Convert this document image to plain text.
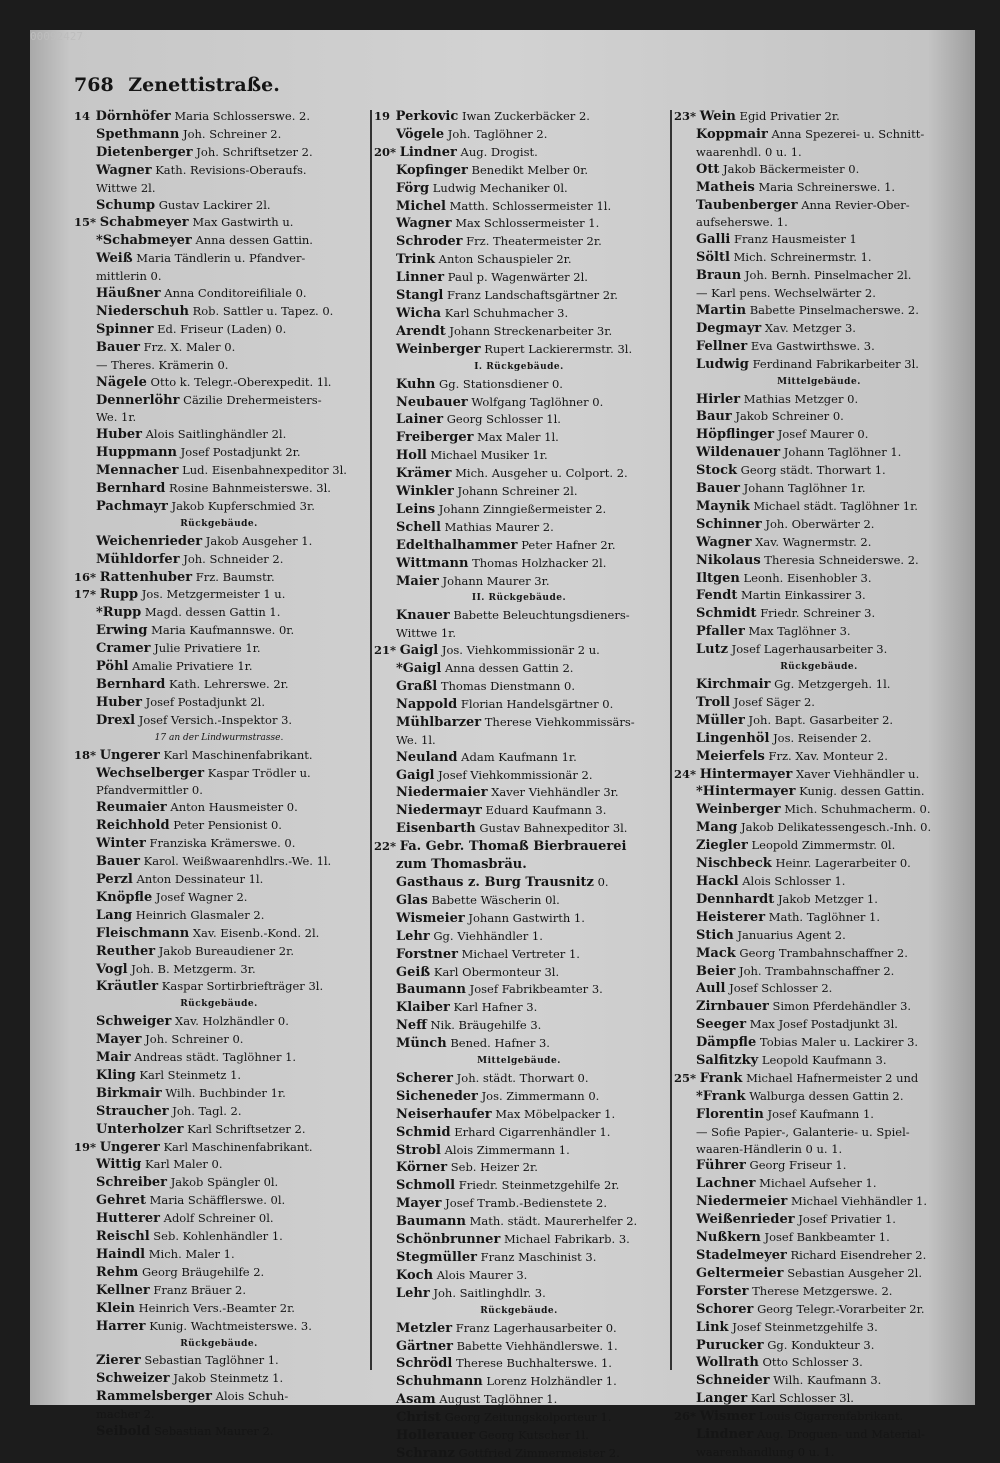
00092427
768 Zenettistraße.
14 Dörnhöfer Maria Schlosserswe. 2.
Spethmann Joh. Schreiner 2.
Dietenberger Joh. Schriftsetzer 2.
Wagner Kath. Revisions-Oberaufs.
Wittwe 2l.
Schump Gustav Lackirer 2l.
15* Schabmeyer Max Gastwirth u.
*Schabmeyer Anna dessen Gattin.
Weiß Maria Tändlerin u. Pfandver-
mittlerin 0.
Häußner Anna Conditoreifiliale 0.
Niederschuh Rob. Sattler u. Tapez. 0.
Spinner Ed. Friseur (Laden) 0.
Bauer Frz. X. Maler 0.
— Theres. Krämerin 0.
Nägele Otto k. Telegr.-Oberexpedit. 1l.
Dennerlöhr Cäzilie Drehermeisters-
We. 1r.
Huber Alois Saitlinghändler 2l.
Huppmann Josef Postadjunkt 2r.
Mennacher Lud. Eisenbahnexpeditor 3l.
Bernhard Rosine Bahnmeisterswe. 3l.
Pachmayr Jakob Kupferschmied 3r.
Rückgebäude.
Weichenrieder Jakob Ausgeher 1.
Mühldorfer Joh. Schneider 2.
16* Rattenhuber Frz. Baumstr.
17* Rupp Jos. Metzgermeister 1 u.
*Rupp Magd. dessen Gattin 1.
Erwing Maria Kaufmannswe. 0r.
Cramer Julie Privatiere 1r.
Pöhl Amalie Privatiere 1r.
Bernhard Kath. Lehrerswe. 2r.
Huber Josef Postadjunkt 2l.
Drexl Josef Versich.-Inspektor 3.
17 an der Lindwurmstrasse.
18* Ungerer Karl Maschinenfabrikant.
Wechselberger Kaspar Trödler u.
Pfandvermittler 0.
Reumaier Anton Hausmeister 0.
Reichhold Peter Pensionist 0.
Winter Franziska Krämerswe. 0.
Bauer Karol. Weißwaarenhdlrs.-We. 1l.
Perzl Anton Dessinateur 1l.
Knöpfle Josef Wagner 2.
Lang Heinrich Glasmaler 2.
Fleischmann Xav. Eisenb.-Kond. 2l.
Reuther Jakob Bureaudiener 2r.
Vogl Joh. B. Metzgerm. 3r.
Kräutler Kaspar Sortirbriefträger 3l.
Rückgebäude.
Schweiger Xav. Holzhändler 0.
Mayer Joh. Schreiner 0.
Mair Andreas städt. Taglöhner 1.
Kling Karl Steinmetz 1.
Birkmair Wilh. Buchbinder 1r.
Straucher Joh. Tagl. 2.
Unterholzer Karl Schriftsetzer 2.
19* Ungerer Karl Maschinenfabrikant.
Wittig Karl Maler 0.
Schreiber Jakob Spängler 0l.
Gehret Maria Schäfflerswe. 0l.
Hutterer Adolf Schreiner 0l.
Reischl Seb. Kohlenhändler 1.
Haindl Mich. Maler 1.
Rehm Georg Bräugehilfe 2.
Kellner Franz Bräuer 2.
Klein Heinrich Vers.-Beamter 2r.
Harrer Kunig. Wachtmeisterswe. 3.
Rückgebäude.
Zierer Sebastian Taglöhner 1.
Schweizer Jakob Steinmetz 1.
Rammelsberger Alois Schuh-
macher 2.
Seibold Sebastian Maurer 2.
19 Perkovic Iwan Zuckerbäcker 2.
Vögele Joh. Taglöhner 2.
20* Lindner Aug. Drogist.
Kopfinger Benedikt Melber 0r.
Förg Ludwig Mechaniker 0l.
Michel Matth. Schlossermeister 1l.
Wagner Max Schlossermeister 1.
Schroder Frz. Theatermeister 2r.
Trink Anton Schauspieler 2r.
Linner Paul p. Wagenwärter 2l.
Stangl Franz Landschaftsgärtner 2r.
Wicha Karl Schuhmacher 3.
Arendt Johann Streckenarbeiter 3r.
Weinberger Rupert Lackierermstr. 3l.
I. Rückgebäude.
Kuhn Gg. Stationsdiener 0.
Neubauer Wolfgang Taglöhner 0.
Lainer Georg Schlosser 1l.
Freiberger Max Maler 1l.
Holl Michael Musiker 1r.
Krämer Mich. Ausgeher u. Colport. 2.
Winkler Johann Schreiner 2l.
Leins Johann Zinngießermeister 2.
Schell Mathias Maurer 2.
Edelthalhammer Peter Hafner 2r.
Wittmann Thomas Holzhacker 2l.
Maier Johann Maurer 3r.
II. Rückgebäude.
Knauer Babette Beleuchtungsdieners-
Wittwe 1r.
21* Gaigl Jos. Viehkommissionär 2 u.
*Gaigl Anna dessen Gattin 2.
Graßl Thomas Dienstmann 0.
Nappold Florian Handelsgärtner 0.
Mühlbarzer Therese Viehkommissärs-
We. 1l.
Neuland Adam Kaufmann 1r.
Gaigl Josef Viehkommissionär 2.
Niedermaier Xaver Viehhändler 3r.
Niedermayr Eduard Kaufmann 3.
Eisenbarth Gustav Bahnexpeditor 3l.
22* Fa. Gebr. Thomaß Bierbrauerei
zum Thomasbräu.
Gasthaus z. Burg Trausnitz 0.
Glas Babette Wäscherin 0l.
Wismeier Johann Gastwirth 1.
Lehr Gg. Viehhändler 1.
Forstner Michael Vertreter 1.
Geiß Karl Obermonteur 3l.
Baumann Josef Fabrikbeamter 3.
Klaiber Karl Hafner 3.
Neff Nik. Bräugehilfe 3.
Münch Bened. Hafner 3.
Mittelgebäude.
Scherer Joh. städt. Thorwart 0.
Sicheneder Jos. Zimmermann 0.
Neiserhaufer Max Möbelpacker 1.
Schmid Erhard Cigarrenhändler 1.
Strobl Alois Zimmermann 1.
Körner Seb. Heizer 2r.
Schmoll Friedr. Steinmetzgehilfe 2r.
Mayer Josef Tramb.-Bedienstete 2.
Baumann Math. städt. Maurerhelfer 2.
Schönbrunner Michael Fabrikarb. 3.
Stegmüller Franz Maschinist 3.
Koch Alois Maurer 3.
Lehr Joh. Saitlinghdlr. 3.
Rückgebäude.
Metzler Franz Lagerhausarbeiter 0.
Gärtner Babette Viehhändlerswe. 1.
Schrödl Therese Buchhalterswe. 1.
Schuhmann Lorenz Holzhändler 1.
Asam August Taglöhner 1.
Christ Georg Zeitungskolporteur 1.
Hollerauer Georg Kutscher 1l.
Schranz Gottfried Zimmermeister 2.
23* Wein Egid Privatier 2r.
Koppmair Anna Spezerei- u. Schnitt-
waarenhdl. 0 u. 1.
Ott Jakob Bäckermeister 0.
Matheis Maria Schreinerswe. 1.
Taubenberger Anna Revier-Ober-
aufseherswe. 1.
Galli Franz Hausmeister 1
Söltl Mich. Schreinermstr. 1.
Braun Joh. Bernh. Pinselmacher 2l.
— Karl pens. Wechselwärter 2.
Martin Babette Pinselmacherswe. 2.
Degmayr Xav. Metzger 3.
Fellner Eva Gastwirthswe. 3.
Ludwig Ferdinand Fabrikarbeiter 3l.
Mittelgebäude.
Hirler Mathias Metzger 0.
Baur Jakob Schreiner 0.
Höpflinger Josef Maurer 0.
Wildenauer Johann Taglöhner 1.
Stock Georg städt. Thorwart 1.
Bauer Johann Taglöhner 1r.
Maynik Michael städt. Taglöhner 1r.
Schinner Joh. Oberwärter 2.
Wagner Xav. Wagnermstr. 2.
Nikolaus Theresia Schneiderswe. 2.
Iltgen Leonh. Eisenhobler 3.
Fendt Martin Einkassirer 3.
Schmidt Friedr. Schreiner 3.
Pfaller Max Taglöhner 3.
Lutz Josef Lagerhausarbeiter 3.
Rückgebäude.
Kirchmair Gg. Metzgergeh. 1l.
Troll Josef Säger 2.
Müller Joh. Bapt. Gasarbeiter 2.
Lingenhöl Jos. Reisender 2.
Meierfels Frz. Xav. Monteur 2.
24* Hintermayer Xaver Viehhändler u.
*Hintermayer Kunig. dessen Gattin.
Weinberger Mich. Schuhmacherm. 0.
Mang Jakob Delikatessengesch.-Inh. 0.
Ziegler Leopold Zimmermstr. 0l.
Nischbeck Heinr. Lagerarbeiter 0.
Hackl Alois Schlosser 1.
Dennhardt Jakob Metzger 1.
Heisterer Math. Taglöhner 1.
Stich Januarius Agent 2.
Mack Georg Trambahnschaffner 2.
Beier Joh. Trambahnschaffner 2.
Aull Josef Schlosser 2.
Zirnbauer Simon Pferdehändler 3.
Seeger Max Josef Postadjunkt 3l.
Dämpfle Tobias Maler u. Lackirer 3.
Salfitzky Leopold Kaufmann 3.
25* Frank Michael Hafnermeister 2 und
*Frank Walburga dessen Gattin 2.
Florentin Josef Kaufmann 1.
— Sofie Papier-, Galanterie- u. Spiel-
waaren-Händlerin 0 u. 1.
Führer Georg Friseur 1.
Lachner Michael Aufseher 1.
Niedermeier Michael Viehhändler 1.
Weißenrieder Josef Privatier 1.
Nußkern Josef Bankbeamter 1.
Stadelmeyer Richard Eisendreher 2.
Geltermeier Sebastian Ausgeher 2l.
Forster Therese Metzgerswe. 2.
Schorer Georg Telegr.-Vorarbeiter 2r.
Link Josef Steinmetzgehilfe 3.
Purucker Gg. Kondukteur 3.
Wollrath Otto Schlosser 3.
Schneider Wilh. Kaufmann 3.
Langer Karl Schlosser 3l.
26* Wismer Louis Cigarrenfabrikant.
Lindner Aug. Droguen- und Material-
waarenhandlung 0 u. 1.
